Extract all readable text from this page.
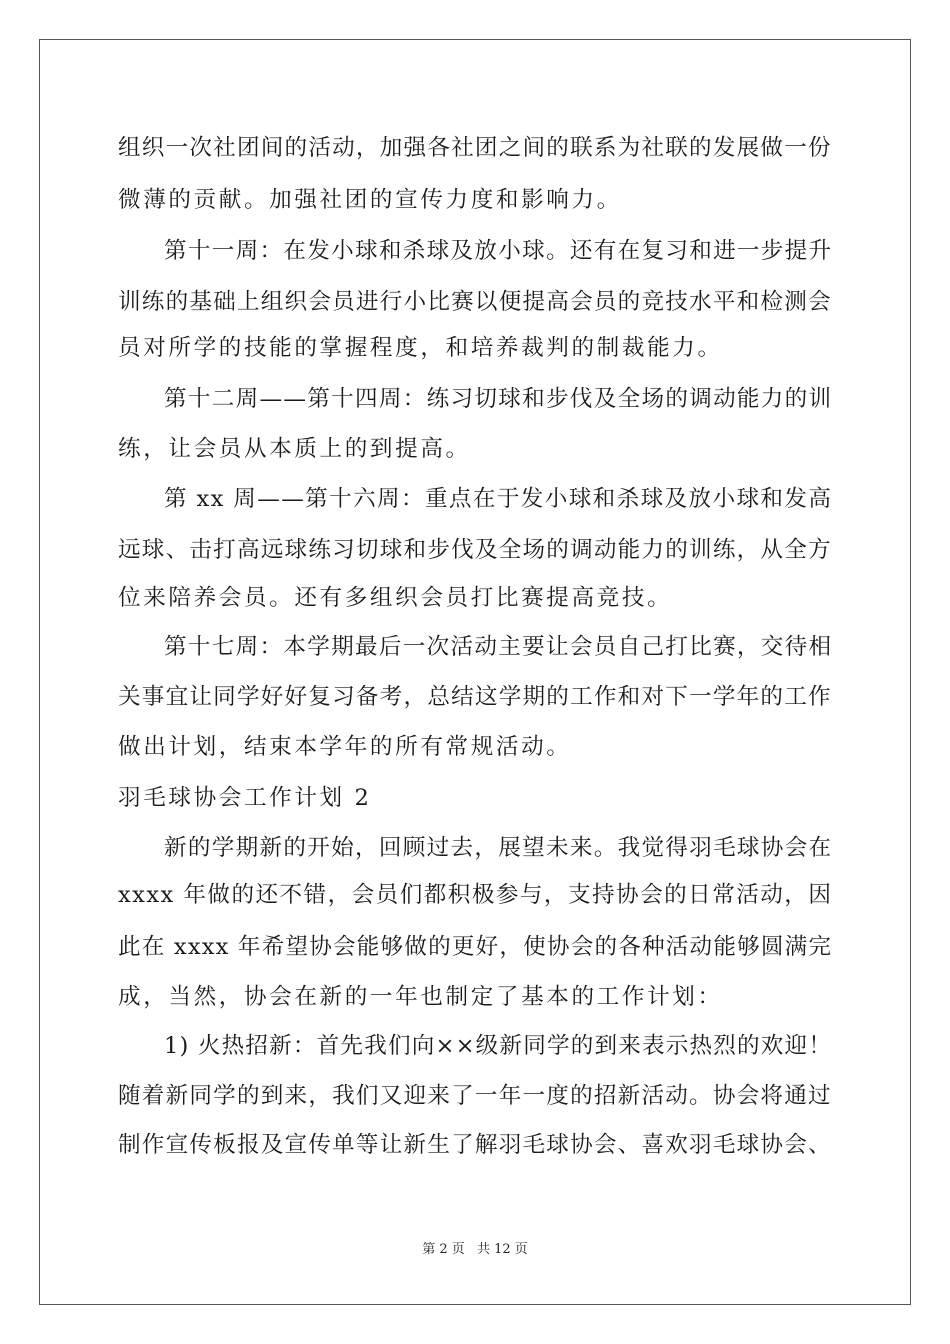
组织一次社团间的活动，加强各社团之间的联系为社联的发展做一份
微薄的贡献。加强社团的宣传力度和影响力。
第十一周：在发小球和杀球及放小球。还有在复习和进一步提升
训练的基础上组织会员进行小比赛以便提高会员的竞技水平和检测会
员对所学的技能的掌握程度，和培养裁判的制裁能力。
第十二周——第十四周：练习切球和步伐及全场的调动能力的训
练，让会员从本质上的到提高。
第 xx 周——第十六周：重点在于发小球和杀球及放小球和发高
远球、击打高远球练习切球和步伐及全场的调动能力的训练，从全方
位来陪养会员。还有多组织会员打比赛提高竞技。
第十七周：本学期最后一次活动主要让会员自己打比赛，交待相
关事宜让同学好好复习备考，总结这学期的工作和对下一学年的工作
做出计划，结束本学年的所有常规活动。
羽毛球协会工作计划 2
新的学期新的开始，回顾过去，展望未来。我觉得羽毛球协会在
xxxx 年做的还不错，会员们都积极参与，支持协会的日常活动，因
此在 xxxx 年希望协会能够做的更好，使协会的各种活动能够圆满完
成，当然，协会在新的一年也制定了基本的工作计划：
1) 火热招新：首先我们向××级新同学的到来表示热烈的欢迎！
随着新同学的到来，我们又迎来了一年一度的招新活动。协会将通过
制作宣传板报及宣传单等让新生了解羽毛球协会、喜欢羽毛球协会、
第 2 页 共 12 页
